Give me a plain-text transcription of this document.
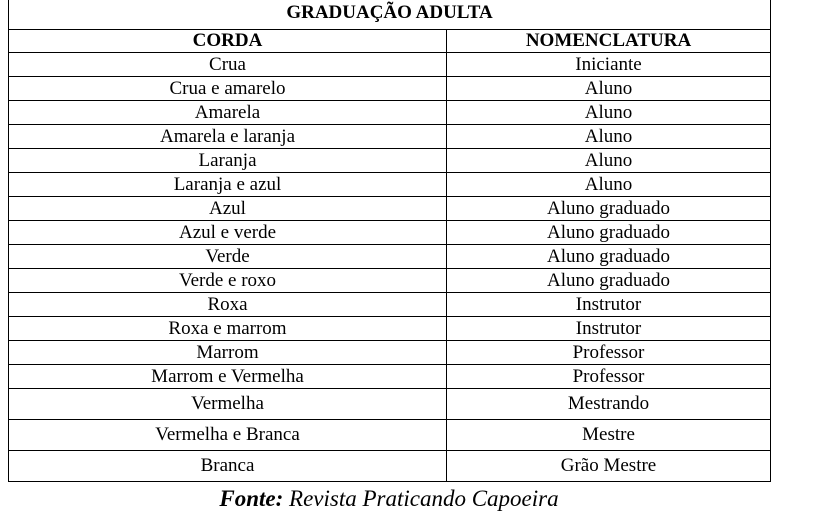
GRADUAÇÃO ADULTA	
CORDA	NOMENCLATURA
Crua	Iniciante
Crua e amarelo	Aluno
Amarela	Aluno
Amarela e laranja	Aluno
Laranja	Aluno
Laranja e azul	Aluno
Azul	Aluno graduado
Azul e verde	Aluno graduado
Verde	Aluno graduado
Verde e roxo	Aluno graduado
Roxa	Instrutor
Roxa e marrom	Instrutor
Marrom	Professor
Marrom e Vermelha	Professor
Vermelha	Mestrando
Vermelha e Branca	Mestre
Branca	Grão Mestre
Fonte: Revista Praticando Capoeira
